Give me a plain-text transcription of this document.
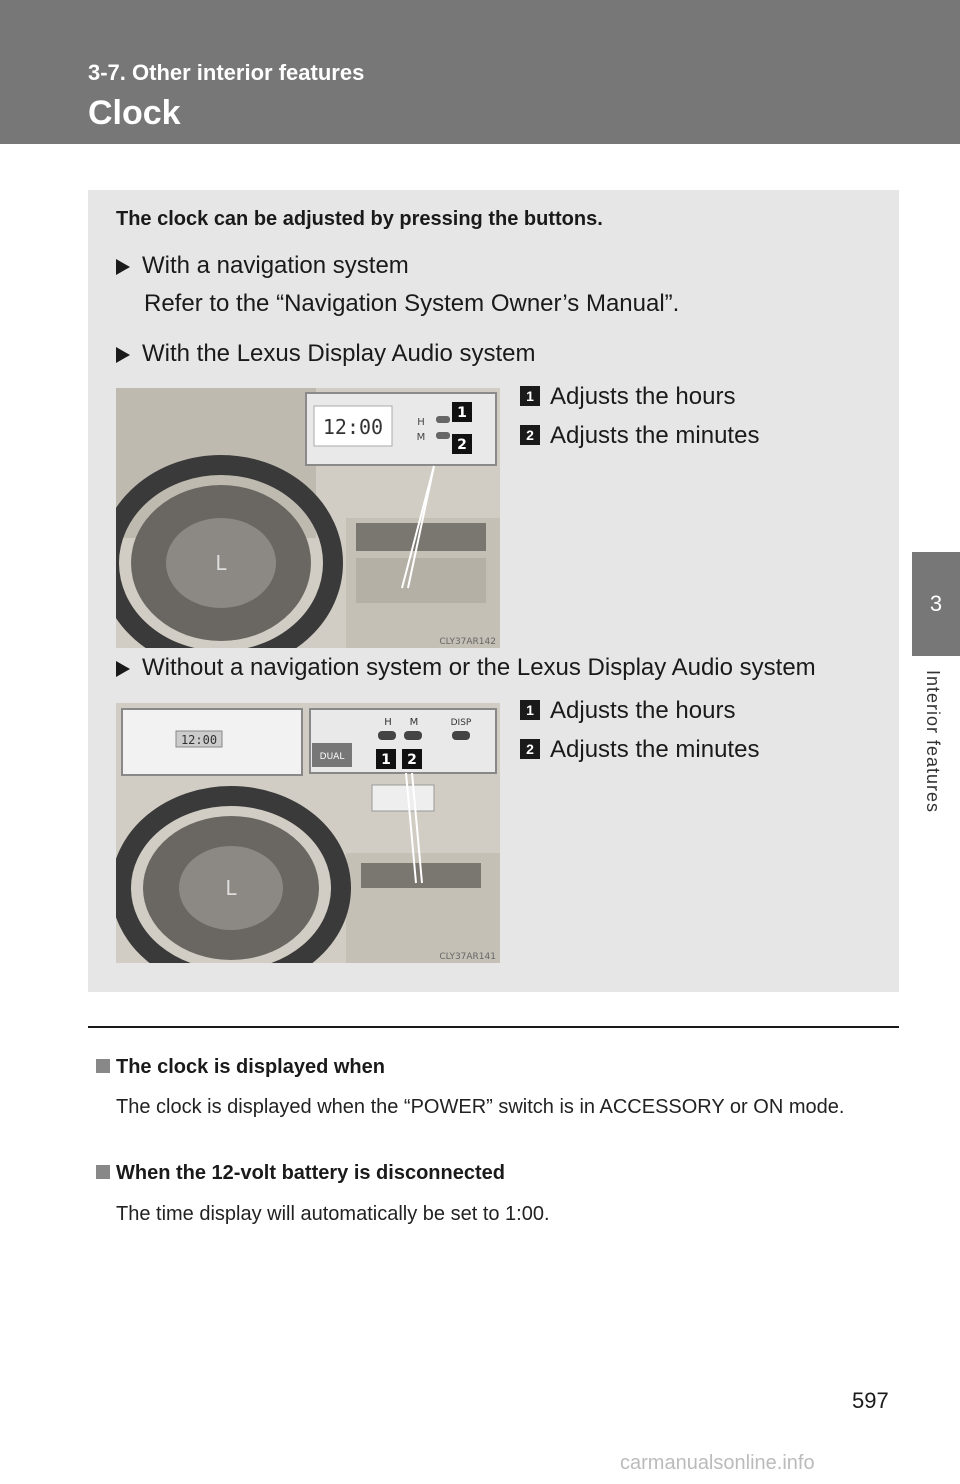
3-7. Other interior features
Clock
3
Interior features
The clock can be adjusted by pressing the buttons.
With a navigation system
Refer to the “Navigation System Owner’s Manual”.
With the Lexus Display Audio system
L
12:00	H
M
1
2
CLY37AR142
1 Adjusts the hours
2 Adjusts the minutes
Without a navigation system or the Lexus Display Audio system
L
12:00
H M	DISP
DUAL	1 2
CLY37AR141
1 Adjusts the hours
2 Adjusts the minutes
The clock is displayed when
The clock is displayed when the “POWER” switch is in ACCESSORY or ON mode.
When the 12-volt battery is disconnected
The time display will automatically be set to 1:00.
597
carmanualsonline.info
